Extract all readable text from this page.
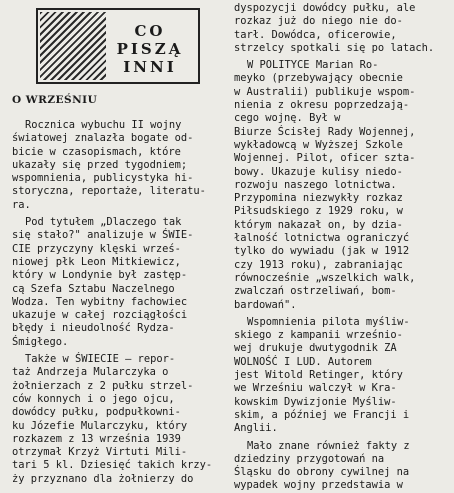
CO
PISZĄ
INNI
O WRZEŚNIU
Rocznica wybuchu II wojny
światowej znalazła bogate od-
bicie w czasopismach, które
ukazały się przed tygodniem;
wspomnienia, publicystyka hi-
storyczna, reportaże, literatu-
ra.
Pod tytułem „Dlaczego tak
się stało?" analizuje w ŚWIE-
CIE przyczyny klęski wrześ-
niowej płk Leon Mitkiewicz,
który w Londynie był zastęp-
cą Szefa Sztabu Naczelnego
Wodza. Ten wybitny fachowiec
ukazuje w całej rozciągłości
błędy i nieudolność Rydza-
Śmigłego.
Także w ŚWIECIE – repor-
taż Andrzeja Mularczyka o
żołnierzach z 2 pułku strzel-
ców konnych i o jego ojcu,
dowódcy pułku, podpułkowni-
ku Józefie Mularczyku, który
rozkazem z 13 września 1939
otrzymał Krzyż Virtuti Mili-
tari 5 kl. Dziesięć takich krzy-
ży przyznano dla żołnierzy do
dyspozycji dowódcy pułku, ale
rozkaz już do niego nie do-
tarł. Dowódca, oficerowie,
strzelcy spotkali się po latach.
W POLITYCE Marian Ro-
meyko (przebywający obecnie
w Australii) publikuje wspom-
nienia z okresu poprzedzają-
cego wojnę. Był w
Biurze Ścisłej Rady Wojennej,
wykładowcą w Wyższej Szkole
Wojennej. Pilot, oficer szta-
bowy. Ukazuje kulisy niedo-
rozwoju naszego lotnictwa.
Przypomina niezwykły rozkaz
Piłsudskiego z 1929 roku, w
którym nakazał on, by dzia-
łalność lotnictwa ograniczyć
tylko do wywiadu (jak w 1912
czy 1913 roku), zabraniając
równocześnie „wszelkich walk,
zwalczań ostrzeliwań, bom-
bardowań".
Wspomnienia pilota myśliw-
skiego z kampanii wrześnio-
wej drukuje dwutygodnik ZA
WOLNOŚĆ I LUD. Autorem
jest Witold Retinger, który
we Wrześniu walczył w Kra-
kowskim Dywizjonie Myśliw-
skim, a później we Francji i
Anglii.
Mało znane również fakty z
dziedziny przygotowań na
Śląsku do obrony cywilnej na
wypadek wojny przedstawia w
